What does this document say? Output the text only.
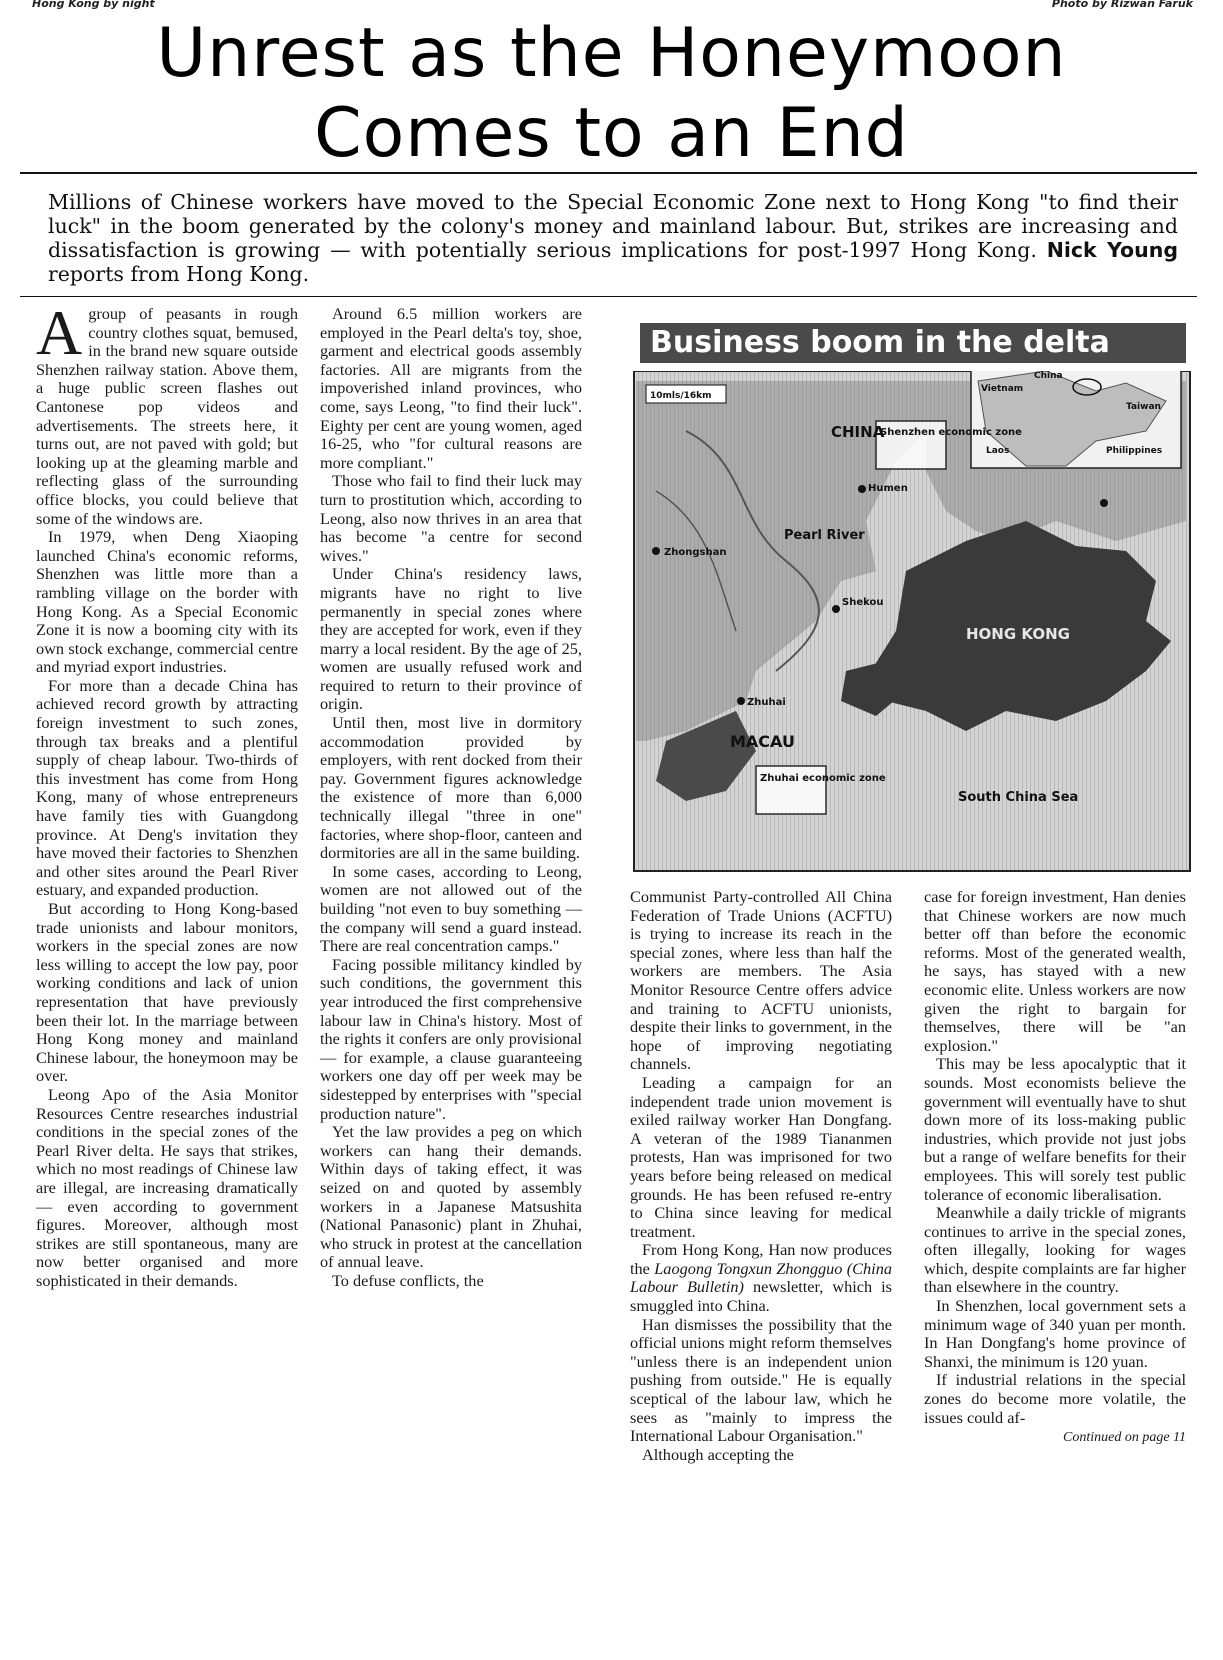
Hong Kong by night	Photo by Rizwan Faruk
Unrest as the Honeymoon
Comes to an End
Millions of Chinese workers have moved to the Special Economic Zone next to Hong Kong "to find their luck" in the boom generated by the colony's money and mainland labour. But, strikes are increasing and dissatisfaction is growing — with potentially serious implications for post-1997 Hong Kong. Nick Young reports from Hong Kong.

Agroup of peasants in rough country clothes squat, bemused, in the brand new square outside Shenzhen railway station. Above them, a huge public screen flashes out Cantonese pop videos and advertisements. The streets here, it turns out, are not paved with gold; but looking up at the gleaming marble and reflecting glass of the surrounding office blocks, you could believe that some of the windows are.

In 1979, when Deng Xiaoping launched China's economic reforms, Shenzhen was little more than a rambling village on the border with Hong Kong. As a Special Economic Zone it is now a booming city with its own stock exchange, commercial centre and myriad export industries.

For more than a decade China has achieved record growth by attracting foreign investment to such zones, through tax breaks and a plentiful supply of cheap labour. Two-thirds of this investment has come from Hong Kong, many of whose entrepreneurs have family ties with Guangdong province. At Deng's invitation they have moved their factories to Shenzhen and other sites around the Pearl River estuary, and expanded production.

But according to Hong Kong-based trade unionists and labour monitors, workers in the special zones are now less willing to accept the low pay, poor working conditions and lack of union representation that have previously been their lot. In the marriage between Hong Kong money and mainland Chinese labour, the honeymoon may be over.

Leong Apo of the Asia Monitor Resources Centre researches industrial conditions in the special zones of the Pearl River delta. He says that strikes, which no most readings of Chinese law are illegal, are increasing dramatically — even according to government figures. Moreover, although most strikes are still spontaneous, many are now better organised and more sophisticated in their demands.

Around 6.5 million workers are employed in the Pearl delta's toy, shoe, garment and electrical goods assembly factories. All are migrants from the impoverished inland provinces, who come, says Leong, "to find their luck". Eighty per cent are young women, aged 16-25, who "for cultural reasons are more compliant."

Those who fail to find their luck may turn to prostitution which, according to Leong, also now thrives in an area that has become "a centre for second wives."

Under China's residency laws, migrants have no right to live permanently in special zones where they are accepted for work, even if they marry a local resident. By the age of 25, women are usually refused work and required to return to their province of origin.

Until then, most live in dormitory accommodation provided by employers, with rent docked from their pay. Government figures acknowledge the existence of more than 6,000 technically illegal "three in one" factories, where shop-floor, canteen and dormitories are all in the same building.

In some cases, according to Leong, women are not allowed out of the building "not even to buy something — the company will send a guard instead. There are real concentration camps."

Facing possible militancy kindled by such conditions, the government this year introduced the first comprehensive labour law in China's history. Most of the rights it confers are only provisional — for example, a clause guaranteeing workers one day off per week may be sidestepped by enterprises with "special production nature".

Yet the law provides a peg on which workers can hang their demands. Within days of taking effect, it was seized on and quoted by assembly workers in a Japanese Matsushita (National Panasonic) plant in Zhuhai, who struck in protest at the cancellation of annual leave.

To defuse conflicts, the

Business boom in the delta
CHINA
10mls/16km
Shenzhen economic zone
Pearl River
Humen
Zhongshan
Shekou
HONG KONG
Zhuhai
MACAU
Zhuhai economic zone
South China Sea
China
Vietnam
Taiwan
Laos	Philippines

Communist Party-controlled All China Federation of Trade Unions (ACFTU) is trying to increase its reach in the special zones, where less than half the workers are members. The Asia Monitor Resource Centre offers advice and training to ACFTU unionists, despite their links to government, in the hope of improving negotiating channels.

Leading a campaign for an independent trade union movement is exiled railway worker Han Dongfang. A veteran of the 1989 Tiananmen protests, Han was imprisoned for two years before being released on medical grounds. He has been refused re-entry to China since leaving for medical treatment.

From Hong Kong, Han now produces the Laogong Tongxun Zhongguo (China Labour Bulletin) newsletter, which is smuggled into China.

Han dismisses the possibility that the official unions might reform themselves "unless there is an independent union pushing from outside." He is equally sceptical of the labour law, which he sees as "mainly to impress the International Labour Organisation."

Although accepting the

case for foreign investment, Han denies that Chinese workers are now much better off than before the economic reforms. Most of the generated wealth, he says, has stayed with a new economic elite. Unless workers are now given the right to bargain for themselves, there will be "an explosion."

This may be less apocalyptic that it sounds. Most economists believe the government will eventually have to shut down more of its loss-making public industries, which provide not just jobs but a range of welfare benefits for their employees. This will sorely test public tolerance of economic liberalisation.

Meanwhile a daily trickle of migrants continues to arrive in the special zones, often illegally, looking for wages which, despite complaints are far higher than elsewhere in the country.

In Shenzhen, local government sets a minimum wage of 340 yuan per month. In Han Dongfang's home province of Shanxi, the minimum is 120 yuan.

If industrial relations in the special zones do become more volatile, the issues could af-

Continued on page 11
